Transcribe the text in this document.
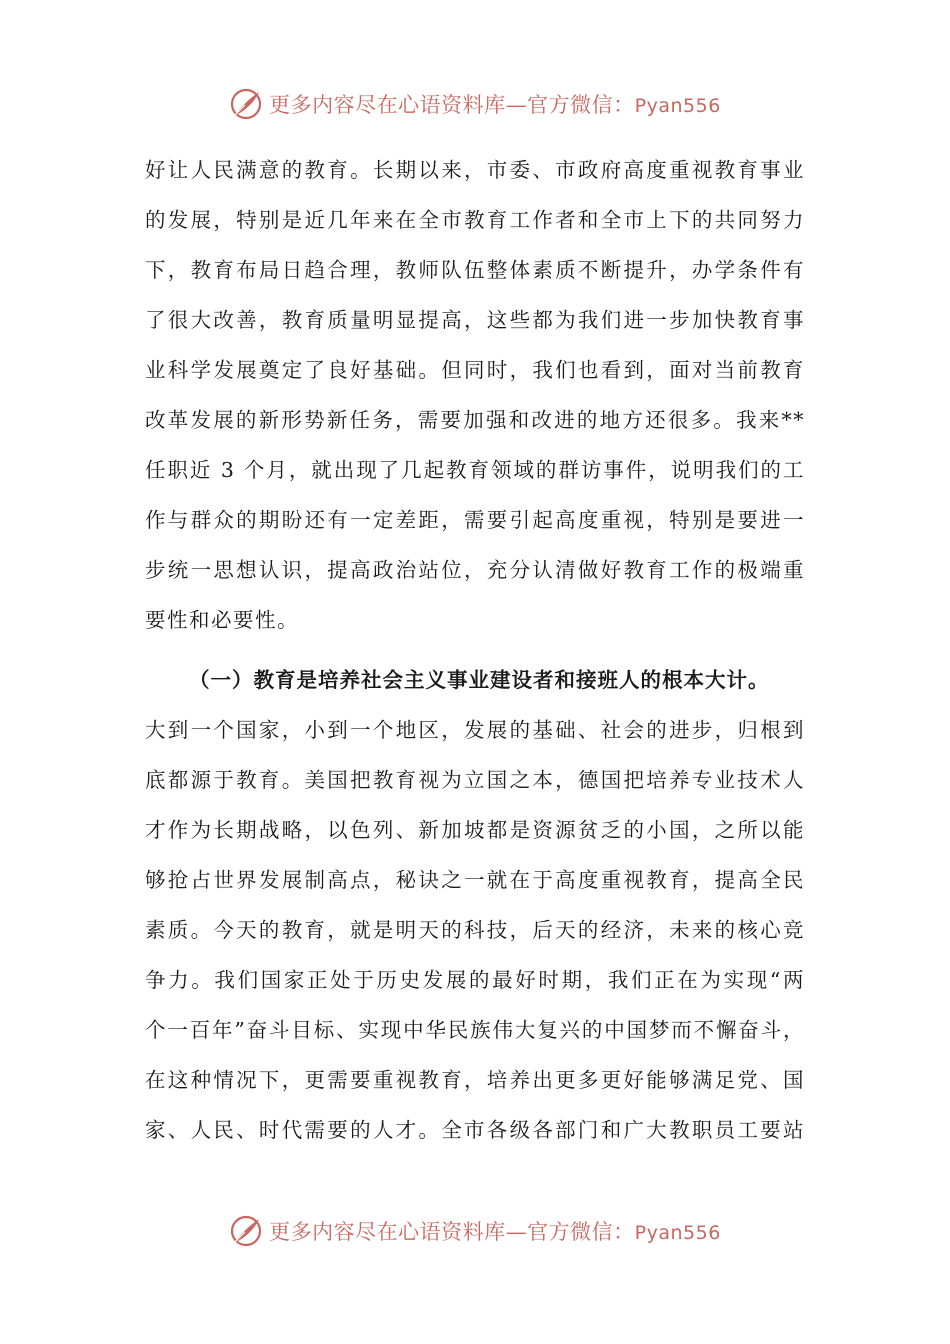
更多内容尽在心语资料库—官方微信：Pyan556
好让人民满意的教育。长期以来，市委、市政府高度重视教育事业
的发展，特别是近几年来在全市教育工作者和全市上下的共同努力
下，教育布局日趋合理，教师队伍整体素质不断提升，办学条件有
了很大改善，教育质量明显提高，这些都为我们进一步加快教育事
业科学发展奠定了良好基础。但同时，我们也看到，面对当前教育
改革发展的新形势新任务，需要加强和改进的地方还很多。我来**
任职近 3 个月，就出现了几起教育领域的群访事件，说明我们的工
作与群众的期盼还有一定差距，需要引起高度重视，特别是要进一
步统一思想认识，提高政治站位，充分认清做好教育工作的极端重
要性和必要性。
（一）教育是培养社会主义事业建设者和接班人的根本大计。
大到一个国家，小到一个地区，发展的基础、社会的进步，归根到
底都源于教育。美国把教育视为立国之本，德国把培养专业技术人
才作为长期战略，以色列、新加坡都是资源贫乏的小国，之所以能
够抢占世界发展制高点，秘诀之一就在于高度重视教育，提高全民
素质。今天的教育，就是明天的科技，后天的经济，未来的核心竞
争力。我们国家正处于历史发展的最好时期，我们正在为实现“两
个一百年”奋斗目标、实现中华民族伟大复兴的中国梦而不懈奋斗，
在这种情况下，更需要重视教育，培养出更多更好能够满足党、国
家、人民、时代需要的人才。全市各级各部门和广大教职员工要站
更多内容尽在心语资料库—官方微信：Pyan556
